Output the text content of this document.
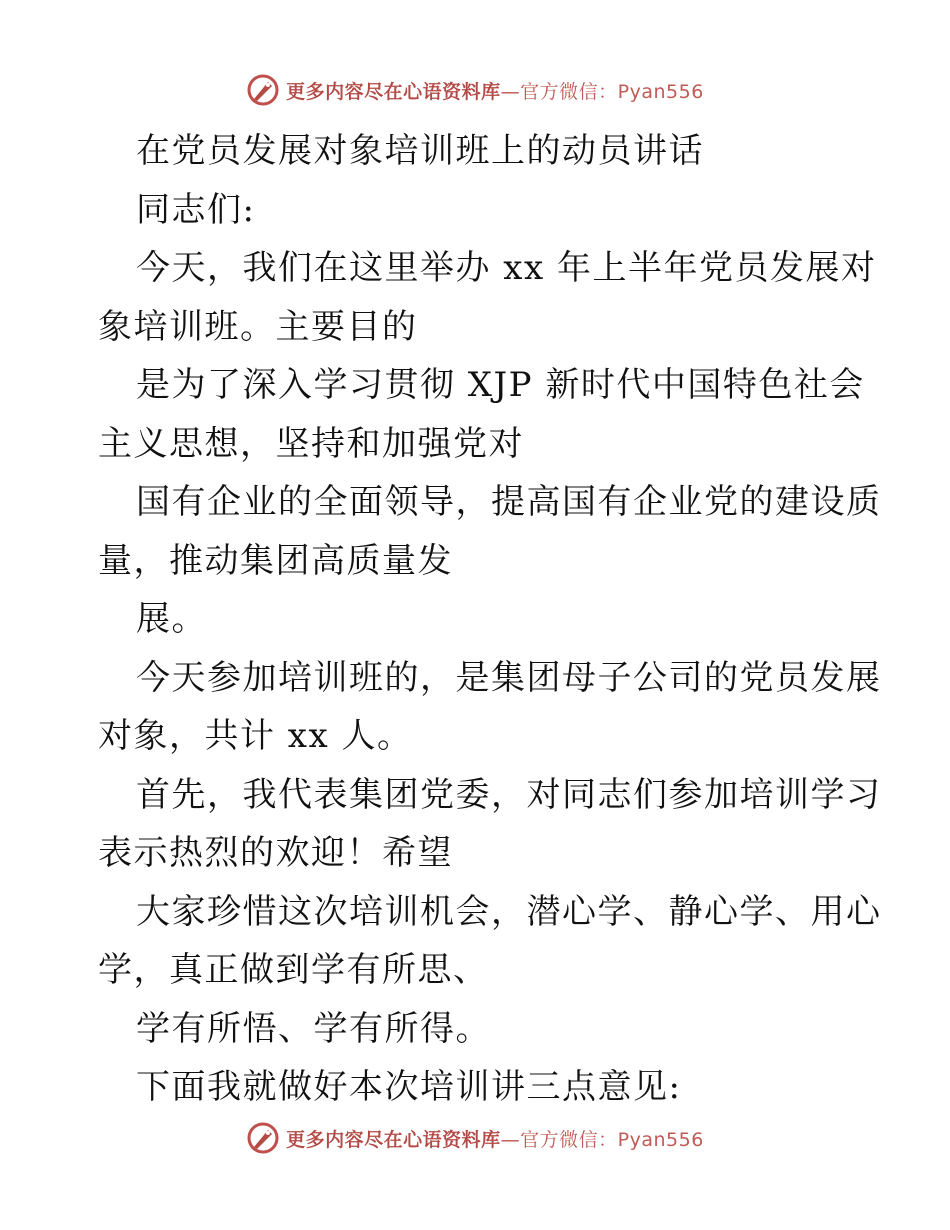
更多内容尽在心语资料库—官方微信：Pyan556
在党员发展对象培训班上的动员讲话
同志们:
今天，我们在这里举办 xx 年上半年党员发展对
象培训班。主要目的
是为了深入学习贯彻 XJP 新时代中国特色社会
主义思想，坚持和加强党对
国有企业的全面领导，提高国有企业党的建设质
量，推动集团高质量发
展。
今天参加培训班的，是集团母子公司的党员发展
对象，共计 xx 人。
首先，我代表集团党委，对同志们参加培训学习
表示热烈的欢迎！希望
大家珍惜这次培训机会，潜心学、静心学、用心
学，真正做到学有所思、
学有所悟、学有所得。
下面我就做好本次培训讲三点意见:
更多内容尽在心语资料库—官方微信：Pyan556
